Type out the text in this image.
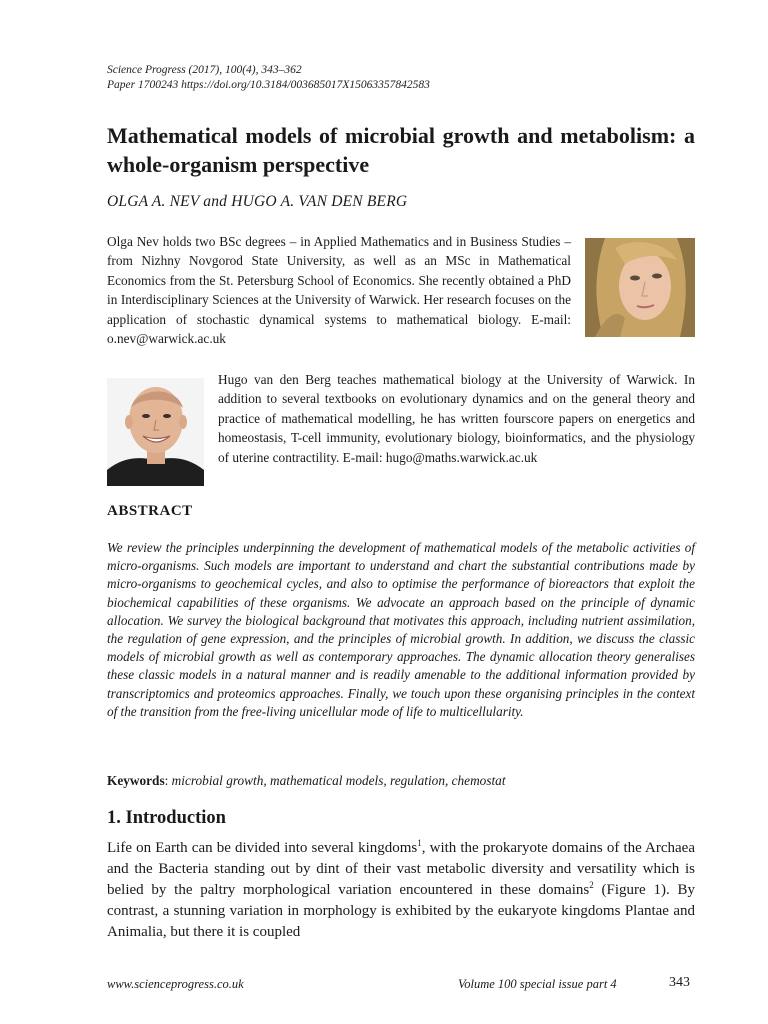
Science Progress (2017), 100(4), 343–362
Paper 1700243 https://doi.org/10.3184/003685017X15063357842583
Mathematical models of microbial growth and metabolism: a whole-organism perspective
OLGA A. NEV and HUGO A. VAN DEN BERG

Olga Nev holds two BSc degrees – in Applied Mathematics and in Business Studies – from Nizhny Novgorod State University, as well as an MSc in Mathematical Economics from the St. Petersburg School of Economics. She recently obtained a PhD in Interdisciplinary Sciences at the University of Warwick. Her research focuses on the application of stochastic dynamical systems to mathematical biology. E-mail: o.nev@warwick.ac.uk

Hugo van den Berg teaches mathematical biology at the University of Warwick. In addition to several textbooks on evolutionary dynamics and on the general theory and practice of mathematical modelling, he has written fourscore papers on energetics and homeostasis, T-cell immunity, evolutionary biology, bioinformatics, and the physiology of uterine contractility. E-mail: hugo@maths.warwick.ac.uk

ABSTRACT

We review the principles underpinning the development of mathematical models of the metabolic activities of micro-organisms. Such models are important to understand and chart the substantial contributions made by micro-organisms to geochemical cycles, and also to optimise the performance of bioreactors that exploit the biochemical capabilities of these organisms. We advocate an approach based on the principle of dynamic allocation. We survey the biological background that motivates this approach, including nutrient assimilation, the regulation of gene expression, and the principles of microbial growth. In addition, we discuss the classic models of microbial growth as well as contemporary approaches. The dynamic allocation theory generalises these classic models in a natural manner and is readily amenable to the additional information provided by transcriptomics and proteomics approaches. Finally, we touch upon these organising principles in the context of the transition from the free-living unicellular mode of life to multicellularity.

Keywords: microbial growth, mathematical models, regulation, chemostat
1. Introduction

Life on Earth can be divided into several kingdoms$^1$, with the prokaryote domains of the Archaea and the Bacteria standing out by dint of their vast metabolic diversity and versatility which is belied by the paltry morphological variation encountered in these domains$^2$ (Figure 1). By contrast, a stunning variation in morphology is exhibited by the eukaryote kingdoms Plantae and Animalia, but there it is coupled

www.scienceprogress.co.uk	Volume 100 special issue part 4	343
